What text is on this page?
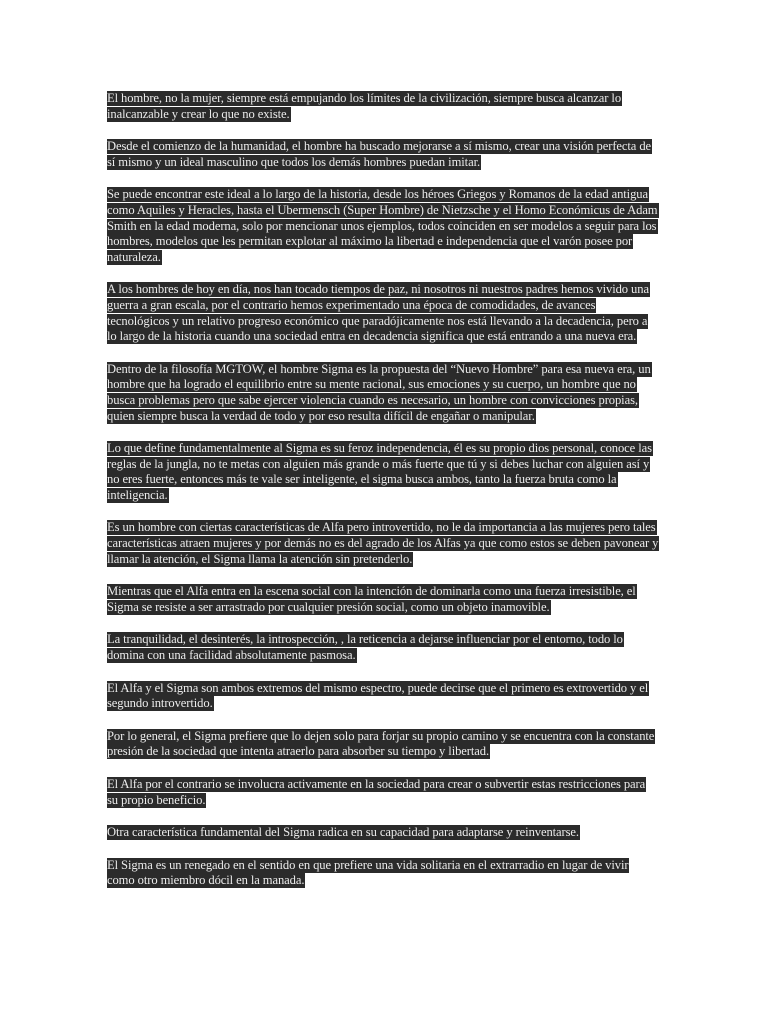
El hombre, no la mujer, siempre está empujando los límites de la civilización, siempre busca alcanzar lo inalcanzable y crear lo que no existe.

Desde el comienzo de la humanidad, el hombre ha buscado mejorarse a sí mismo, crear una visión perfecta de sí mismo y un ideal masculino que todos los demás hombres puedan imitar.

Se puede encontrar este ideal a lo largo de la historia, desde los héroes Griegos y Romanos de la edad antigua como Aquiles y Heracles, hasta el Ubermensch (Super Hombre) de Nietzsche y el Homo Económicus de Adam Smith en la edad moderna, solo por mencionar unos ejemplos, todos coinciden en ser modelos a seguir para los hombres, modelos que les permitan explotar al máximo la libertad e independencia que el varón posee por naturaleza.

A los hombres de hoy en día, nos han tocado tiempos de paz, ni nosotros ni nuestros padres hemos vivido una guerra a gran escala, por el contrario hemos experimentado una época de comodidades, de avances tecnológicos y un relativo progreso económico que paradójicamente nos está llevando a la decadencia, pero a lo largo de la historia cuando una sociedad entra en decadencia significa que está entrando a una nueva era.

Dentro de la filosofía MGTOW, el hombre Sigma es la propuesta del “Nuevo Hombre” para esa nueva era, un hombre que ha logrado el equilibrio entre su mente racional, sus emociones y su cuerpo, un hombre que no busca problemas pero que sabe ejercer violencia cuando es necesario, un hombre con convicciones propias, quien siempre busca la verdad de todo y por eso resulta difícil de engañar o manipular.

Lo que define fundamentalmente al Sigma es su feroz independencia, él es su propio dios personal, conoce las reglas de la jungla, no te metas con alguien más grande o más fuerte que tú y si debes luchar con alguien así y no eres fuerte, entonces más te vale ser inteligente, el sigma busca ambos, tanto la fuerza bruta como la inteligencia.

Es un hombre con ciertas características de Alfa pero introvertido, no le da importancia a las mujeres pero tales características atraen mujeres y por demás no es del agrado de los Alfas ya que como estos se deben pavonear y llamar la atención, el Sigma llama la atención sin pretenderlo.

Mientras que el Alfa entra en la escena social con la intención de dominarla como una fuerza irresistible, el Sigma se resiste a ser arrastrado por cualquier presión social, como un objeto inamovible.

La tranquilidad, el desinterés, la introspección, , la reticencia a dejarse influenciar por el entorno, todo lo domina con una facilidad absolutamente pasmosa.

El Alfa y el Sigma son ambos extremos del mismo espectro, puede decirse que el primero es extrovertido y el segundo introvertido.

Por lo general, el Sigma prefiere que lo dejen solo para forjar su propio camino y se encuentra con la constante presión de la sociedad que intenta atraerlo para absorber su tiempo y libertad.

El Alfa por el contrario se involucra activamente en la sociedad para crear o subvertir estas restricciones para su propio beneficio.

Otra característica fundamental del Sigma radica en su capacidad para adaptarse y reinventarse.

El Sigma es un renegado en el sentido en que prefiere una vida solitaria en el extrarradio en lugar de vivir como otro miembro dócil en la manada.
